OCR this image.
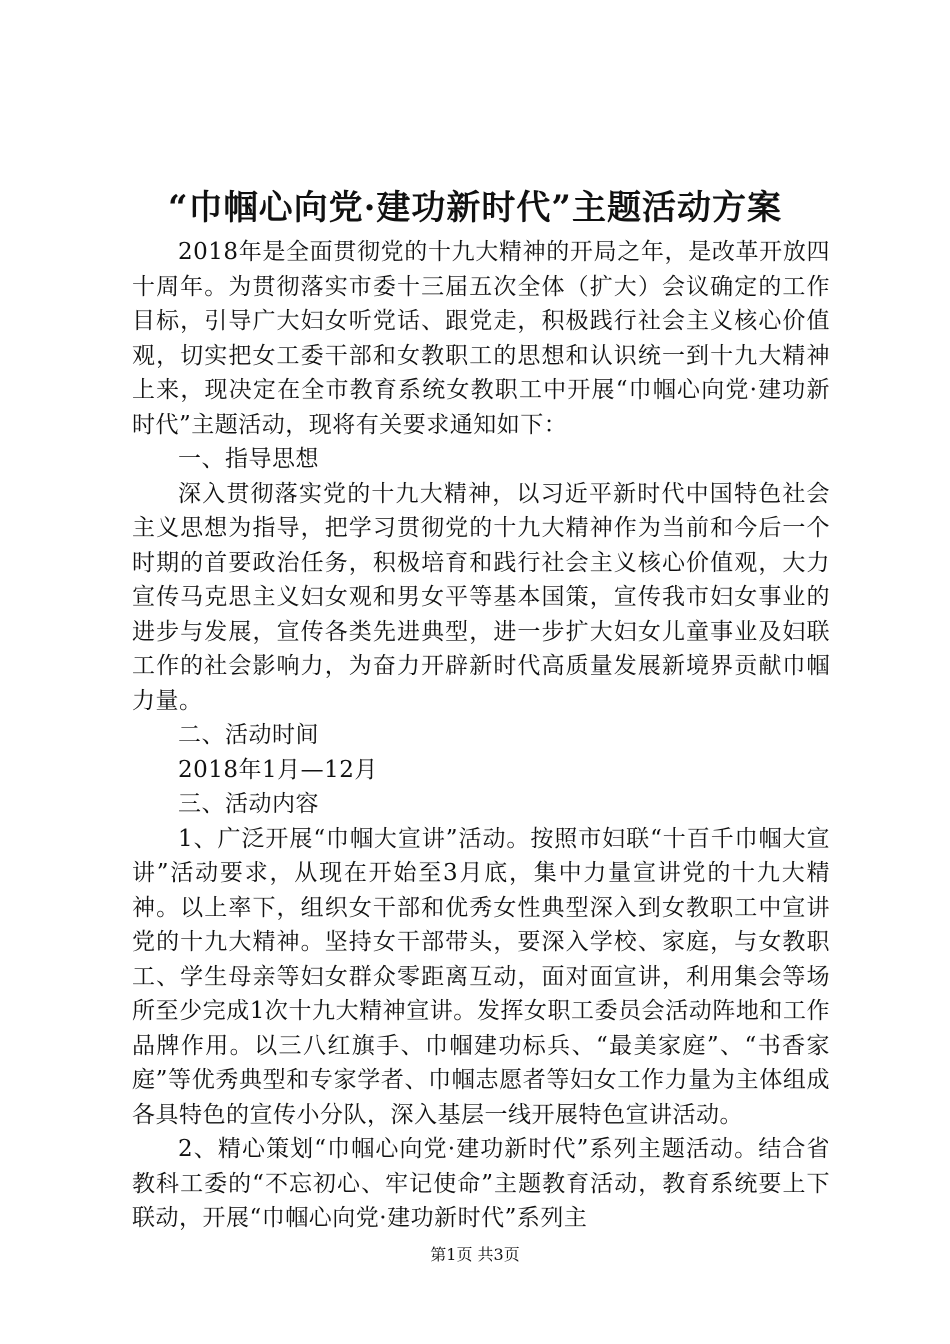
“巾帼心向党·建功新时代”主题活动方案

2018年是全面贯彻党的十九大精神的开局之年，是改革开放四十周年。为贯彻落实市委十三届五次全体（扩大）会议确定的工作目标，引导广大妇女听党话、跟党走，积极践行社会主义核心价值观，切实把女工委干部和女教职工的思想和认识统一到十九大精神上来，现决定在全市教育系统女教职工中开展“巾帼心向党·建功新时代”主题活动，现将有关要求通知如下：

一、指导思想

深入贯彻落实党的十九大精神，以习近平新时代中国特色社会主义思想为指导，把学习贯彻党的十九大精神作为当前和今后一个时期的首要政治任务，积极培育和践行社会主义核心价值观，大力宣传马克思主义妇女观和男女平等基本国策，宣传我市妇女事业的进步与发展，宣传各类先进典型，进一步扩大妇女儿童事业及妇联工作的社会影响力，为奋力开辟新时代高质量发展新境界贡献巾帼力量。

二、活动时间

2018年1月—12月

三、活动内容

1、广泛开展“巾帼大宣讲”活动。按照市妇联“十百千巾帼大宣讲”活动要求，从现在开始至3月底，集中力量宣讲党的十九大精神。以上率下，组织女干部和优秀女性典型深入到女教职工中宣讲党的十九大精神。坚持女干部带头，要深入学校、家庭，与女教职工、学生母亲等妇女群众零距离互动，面对面宣讲，利用集会等场所至少完成1次十九大精神宣讲。发挥女职工委员会活动阵地和工作品牌作用。以三八红旗手、巾帼建功标兵、“最美家庭”、“书香家庭”等优秀典型和专家学者、巾帼志愿者等妇女工作力量为主体组成各具特色的宣传小分队，深入基层一线开展特色宣讲活动。

2、精心策划“巾帼心向党·建功新时代”系列主题活动。结合省教科工委的“不忘初心、牢记使命”主题教育活动，教育系统要上下联动，开展“巾帼心向党·建功新时代”系列主

第1页 共3页
